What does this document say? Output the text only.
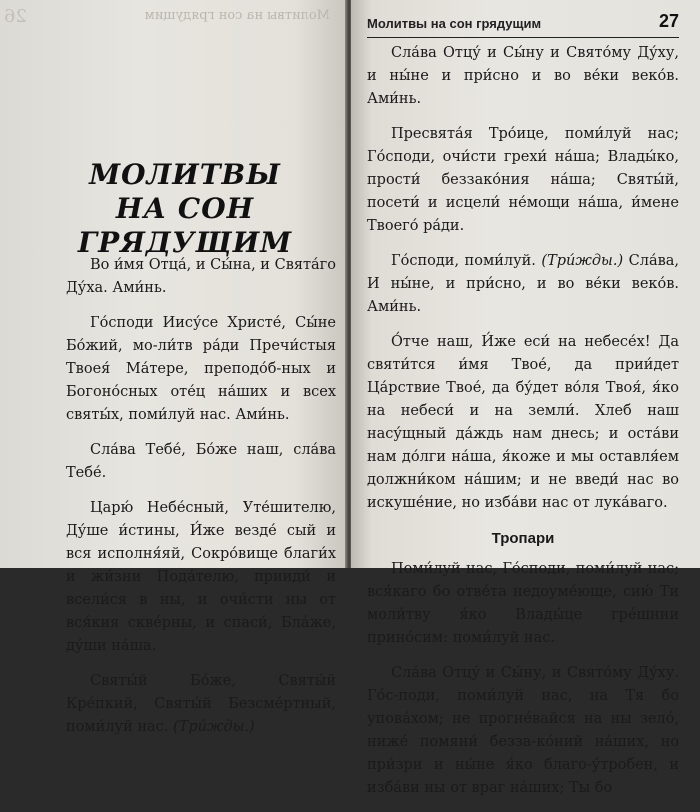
26	Молитвы на сон грядущим
МОЛИТВЫ
НА СОН ГРЯДУЩИМ

Во и́мя Отца́, и Сы́на, и Свята́го Ду́ха. Ами́нь.

Го́споди Иису́се Христе́, Сы́не Бо́жий, мо-ли́тв ра́ди Пречи́стыя Твоея́ Ма́тере, преподо́б-ных и Богоно́сных оте́ц на́ших и всех святы́х, поми́луй нас. Ами́нь.

Сла́ва Тебе́, Бо́же наш, сла́ва Тебе́.

Царю́ Небе́сный, Уте́шителю, Ду́ше и́стины, И́же везде́ сый и вся исполня́яй, Сокро́вище благи́х и жи́зни Пода́телю, прииди́ и всели́ся в ны, и очи́сти ны от вся́кия скве́рны, и спаси́, Бла́же, ду́ши на́ша.

Святы́й Бо́же, Святы́й Кре́пкий, Святы́й Безсме́ртный, поми́луй нас. (Три́жды.)

Молитвы на сон грядущим	27

Сла́ва Отцу́ и Сы́ну и Свято́му Ду́ху, и ны́не и при́сно и во ве́ки веко́в. Ами́нь.

Пресвята́я Тро́ице, поми́луй нас; Го́споди, очи́сти грехи́ на́ша; Влады́ко, прости́ беззако́ния на́ша; Святы́й, посети́ и исцели́ не́мощи на́ша, и́мене Твоего́ ра́ди.

Го́споди, поми́луй. (Три́жды.) Сла́ва, И ны́не, и при́сно, и во ве́ки веко́в. Ами́нь.

О́тче наш, И́же еси́ на небесе́х! Да святи́тся и́мя Твое́, да прии́дет Ца́рствие Твое́, да бу́дет во́ля Твоя́, я́ко на небеси́ и на земли́. Хлеб наш насу́щный да́ждь нам днесь; и оста́ви нам до́лги на́ша, я́коже и мы оставля́ем должни́ком на́шим; и не введи́ нас во искуше́ние, но изба́ви нас от лука́ваго.

Тропари

Поми́луй нас, Го́споди, поми́луй нас; вся́каго бо отве́та недоуме́юще, сию́ Ти моли́тву я́ко Влады́це гре́шнии прино́сим: поми́луй нас.

Сла́ва Отцу́ и Сы́ну, и Свято́му Ду́ху. Го́с-поди, поми́луй нас, на Тя бо упова́хом; не прогне́вайся на ны зело́, ниже́ помяни́ безза-ко́ний на́ших, но при́зри и ны́не я́ко благо-у́тробен, и изба́ви ны от враг на́ших; Ты бо
